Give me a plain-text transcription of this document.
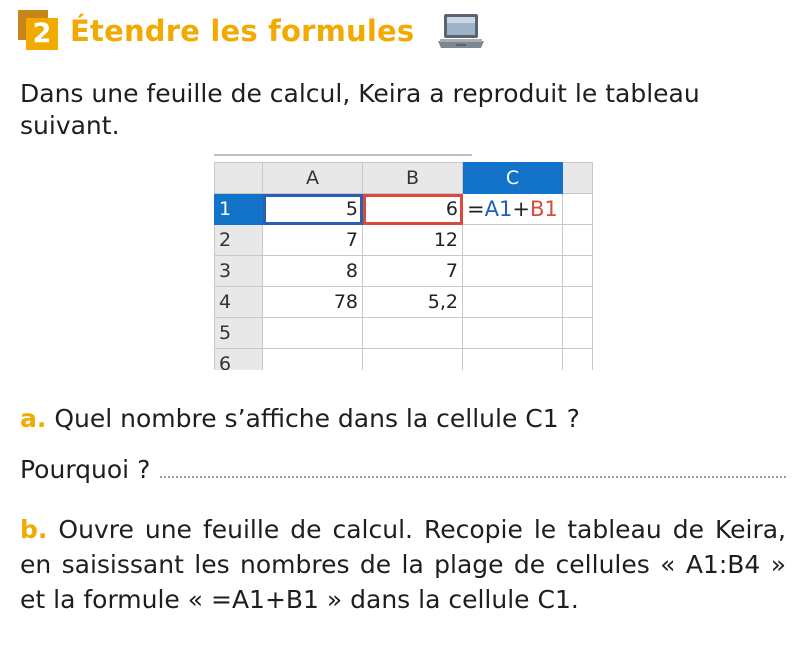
2 Étendre les formules

Dans une feuille de calcul, Keira a reproduit le tableau suivant.

	A	B	C	
1	5	6	=A1+B1	
2	7	12		
3	8	7		
4	78	5,2		
5				
6				

a. Quel nombre s’affiche dans la cellule C1 ?

Pourquoi ?

b. Ouvre une feuille de calcul. Recopie le tableau de Keira, en saisissant les nombres de la plage de cellules « A1:B4 » et la formule « =A1+B1 » dans la cellule C1.
